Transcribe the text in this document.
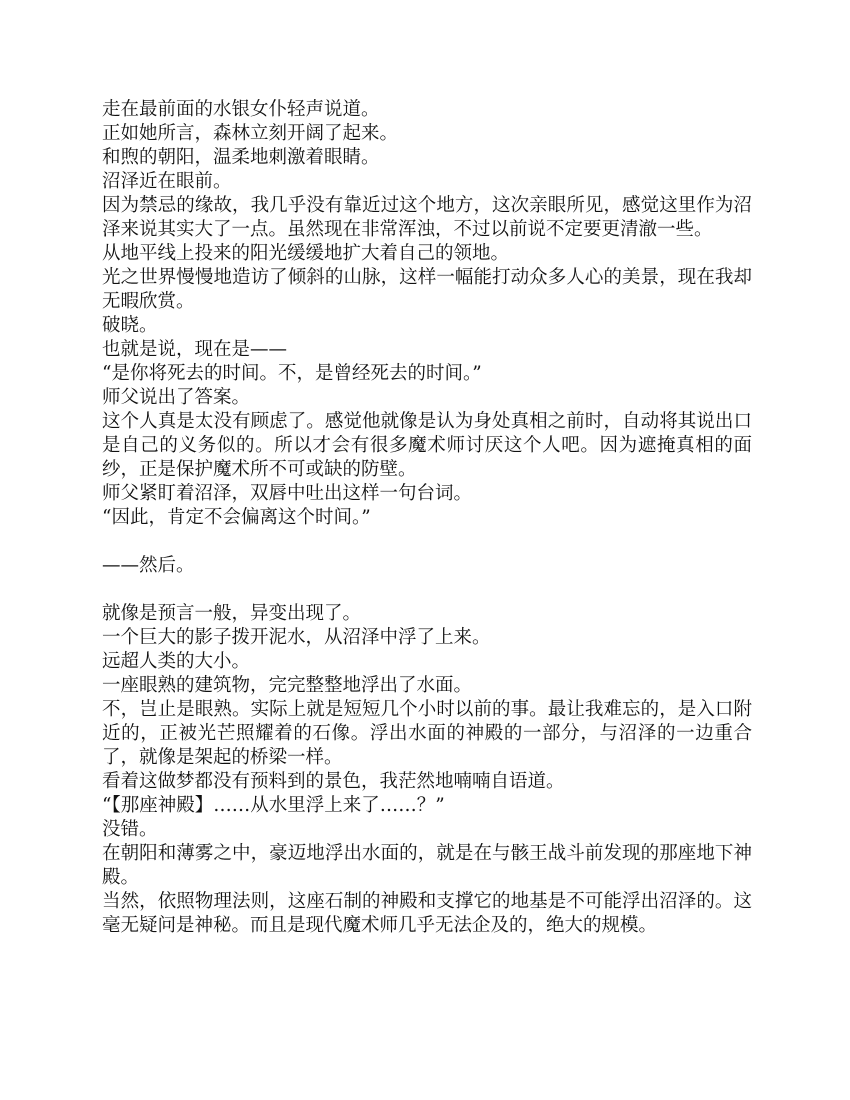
走在最前面的水银女仆轻声说道。

正如她所言，森林立刻开阔了起来。

和煦的朝阳，温柔地刺激着眼睛。

沼泽近在眼前。

因为禁忌的缘故，我几乎没有靠近过这个地方，这次亲眼所见，感觉这里作为沼泽来说其实大了一点。虽然现在非常浑浊，不过以前说不定要更清澈一些。

从地平线上投来的阳光缓缓地扩大着自己的领地。

光之世界慢慢地造访了倾斜的山脉，这样一幅能打动众多人心的美景，现在我却无暇欣赏。

破晓。

也就是说，现在是——

“是你将死去的时间。不，是曾经死去的时间。”

师父说出了答案。

这个人真是太没有顾虑了。感觉他就像是认为身处真相之前时，自动将其说出口是自己的义务似的。所以才会有很多魔术师讨厌这个人吧。因为遮掩真相的面纱，正是保护魔术所不可或缺的防壁。

师父紧盯着沼泽，双唇中吐出这样一句台词。

“因此，肯定不会偏离这个时间。”

——然后。

就像是预言一般，异变出现了。

一个巨大的影子拨开泥水，从沼泽中浮了上来。

远超人类的大小。

一座眼熟的建筑物，完完整整地浮出了水面。

不，岂止是眼熟。实际上就是短短几个小时以前的事。最让我难忘的，是入口附近的，正被光芒照耀着的石像。浮出水面的神殿的一部分，与沼泽的一边重合了，就像是架起的桥梁一样。

看着这做梦都没有预料到的景色，我茫然地喃喃自语道。

“【那座神殿】……从水里浮上来了……？”

没错。

在朝阳和薄雾之中，豪迈地浮出水面的，就是在与骸王战斗前发现的那座地下神殿。

当然，依照物理法则，这座石制的神殿和支撑它的地基是不可能浮出沼泽的。这毫无疑问是神秘。而且是现代魔术师几乎无法企及的，绝大的规模。
